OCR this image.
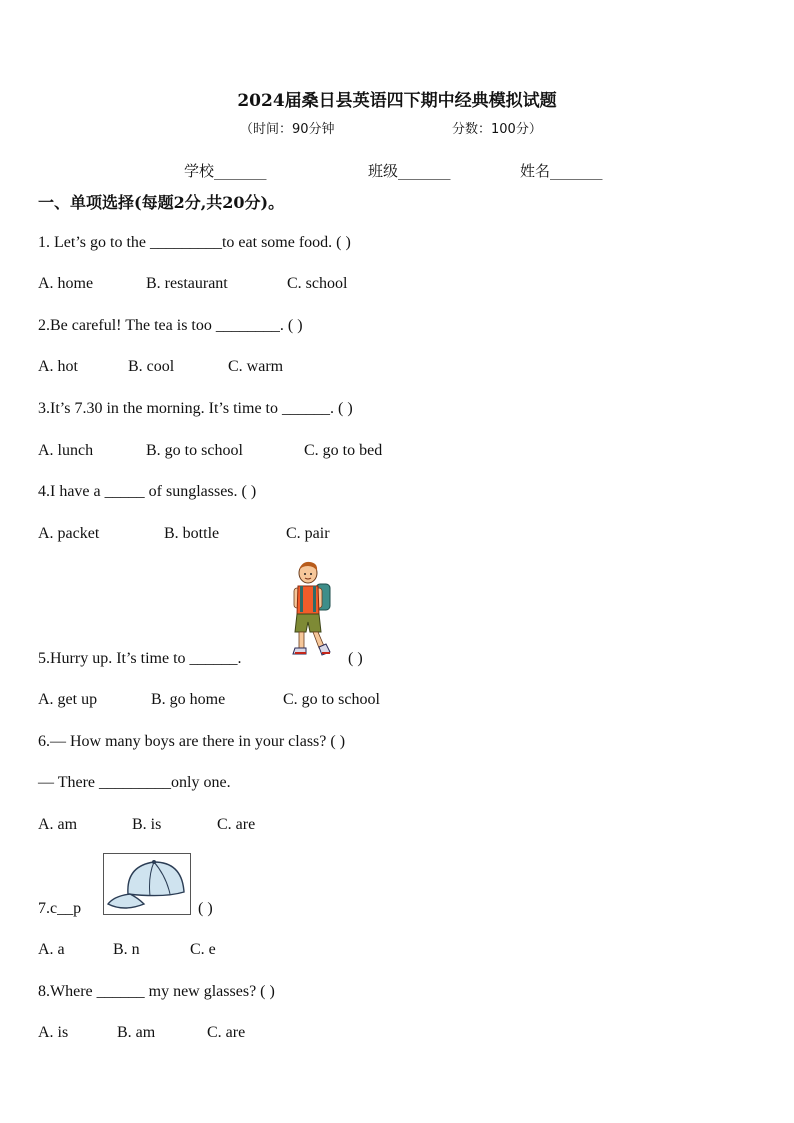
2024届桑日县英语四下期中经典模拟试题
（时间：90分钟	分数：100分）
学校_______	班级_______	姓名_______
一、单项选择(每题2分,共20分)。
1. Let’s go to the _________to eat some food. ( )
A. home	B. restaurant	C. school
2.Be careful! The tea is too ________. ( )
A. hot	B. cool	C. warm
3.It’s 7.30 in the morning. It’s time to ______. ( )
A. lunch	B. go to school	C. go to bed
4.I have a _____ of sunglasses. ( )
A. packet	B. bottle	C. pair
5.Hurry up. It’s time to ______.	( )
A. get up	B. go home	C. go to school
6.— How many boys are there in your class? ( )
— There _________only one.
A. am	B. is	C. are
7.c__p	( )
A. a	B. n	C. e
8.Where ______ my new glasses? ( )
A. is	B. am	C. are
